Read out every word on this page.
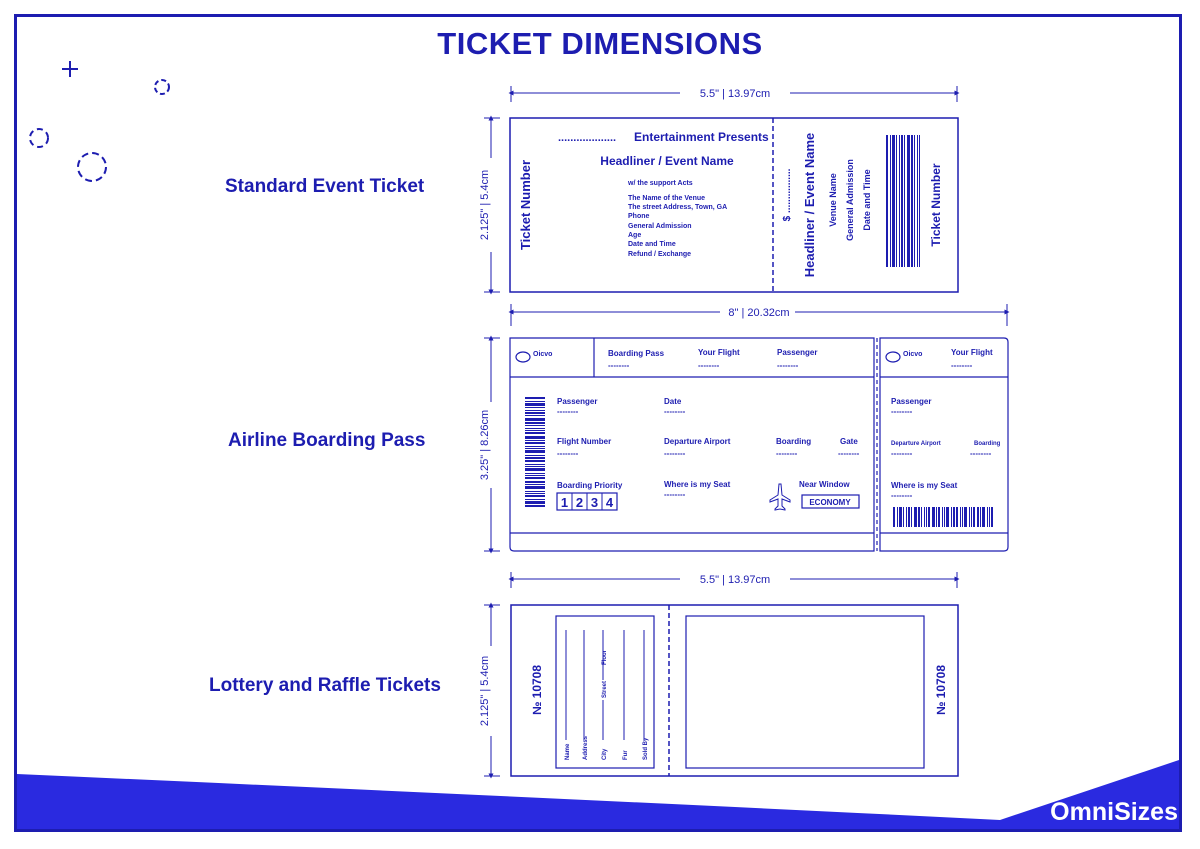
5.5" | 13.97cm
2.125" | 5.4cm Ticket Number
................... Entertainment Presents
Headliner / Event Name
w/ the support Acts
The Name of the Venue
The street Address, Town, GA
Phone
General Admission
Age
Date and Time
Refund / Exchange
$ ................ Headliner / Event Name Venue Name General Admission Date and Time	Ticket Number
8" | 20.32cm
3.25" | 8.26cm
Oicvo	Oicvo
Boarding Pass	Your Flight	Passenger
--------	--------	--------
Your Flight
--------
Passenger
--------
Date
--------
Flight Number
--------
Departure Airport
--------
Boarding
--------
Gate
--------
Boarding Priority	Where is my Seat
--------
Near Window
Passenger
--------
Departure Airport
--------
Boarding
--------
Where is my Seat
--------
1 2 3 4	ECONOMY
5.5" | 13.97cm
2.125" | 5.4cm	№ 10708	№ 10708
Name Address City	Fur Sold By
Street
Floor
TICKET DIMENSIONS
Standard Event Ticket
Airline Boarding Pass
Lottery and Raffle Tickets
OmniSizes
